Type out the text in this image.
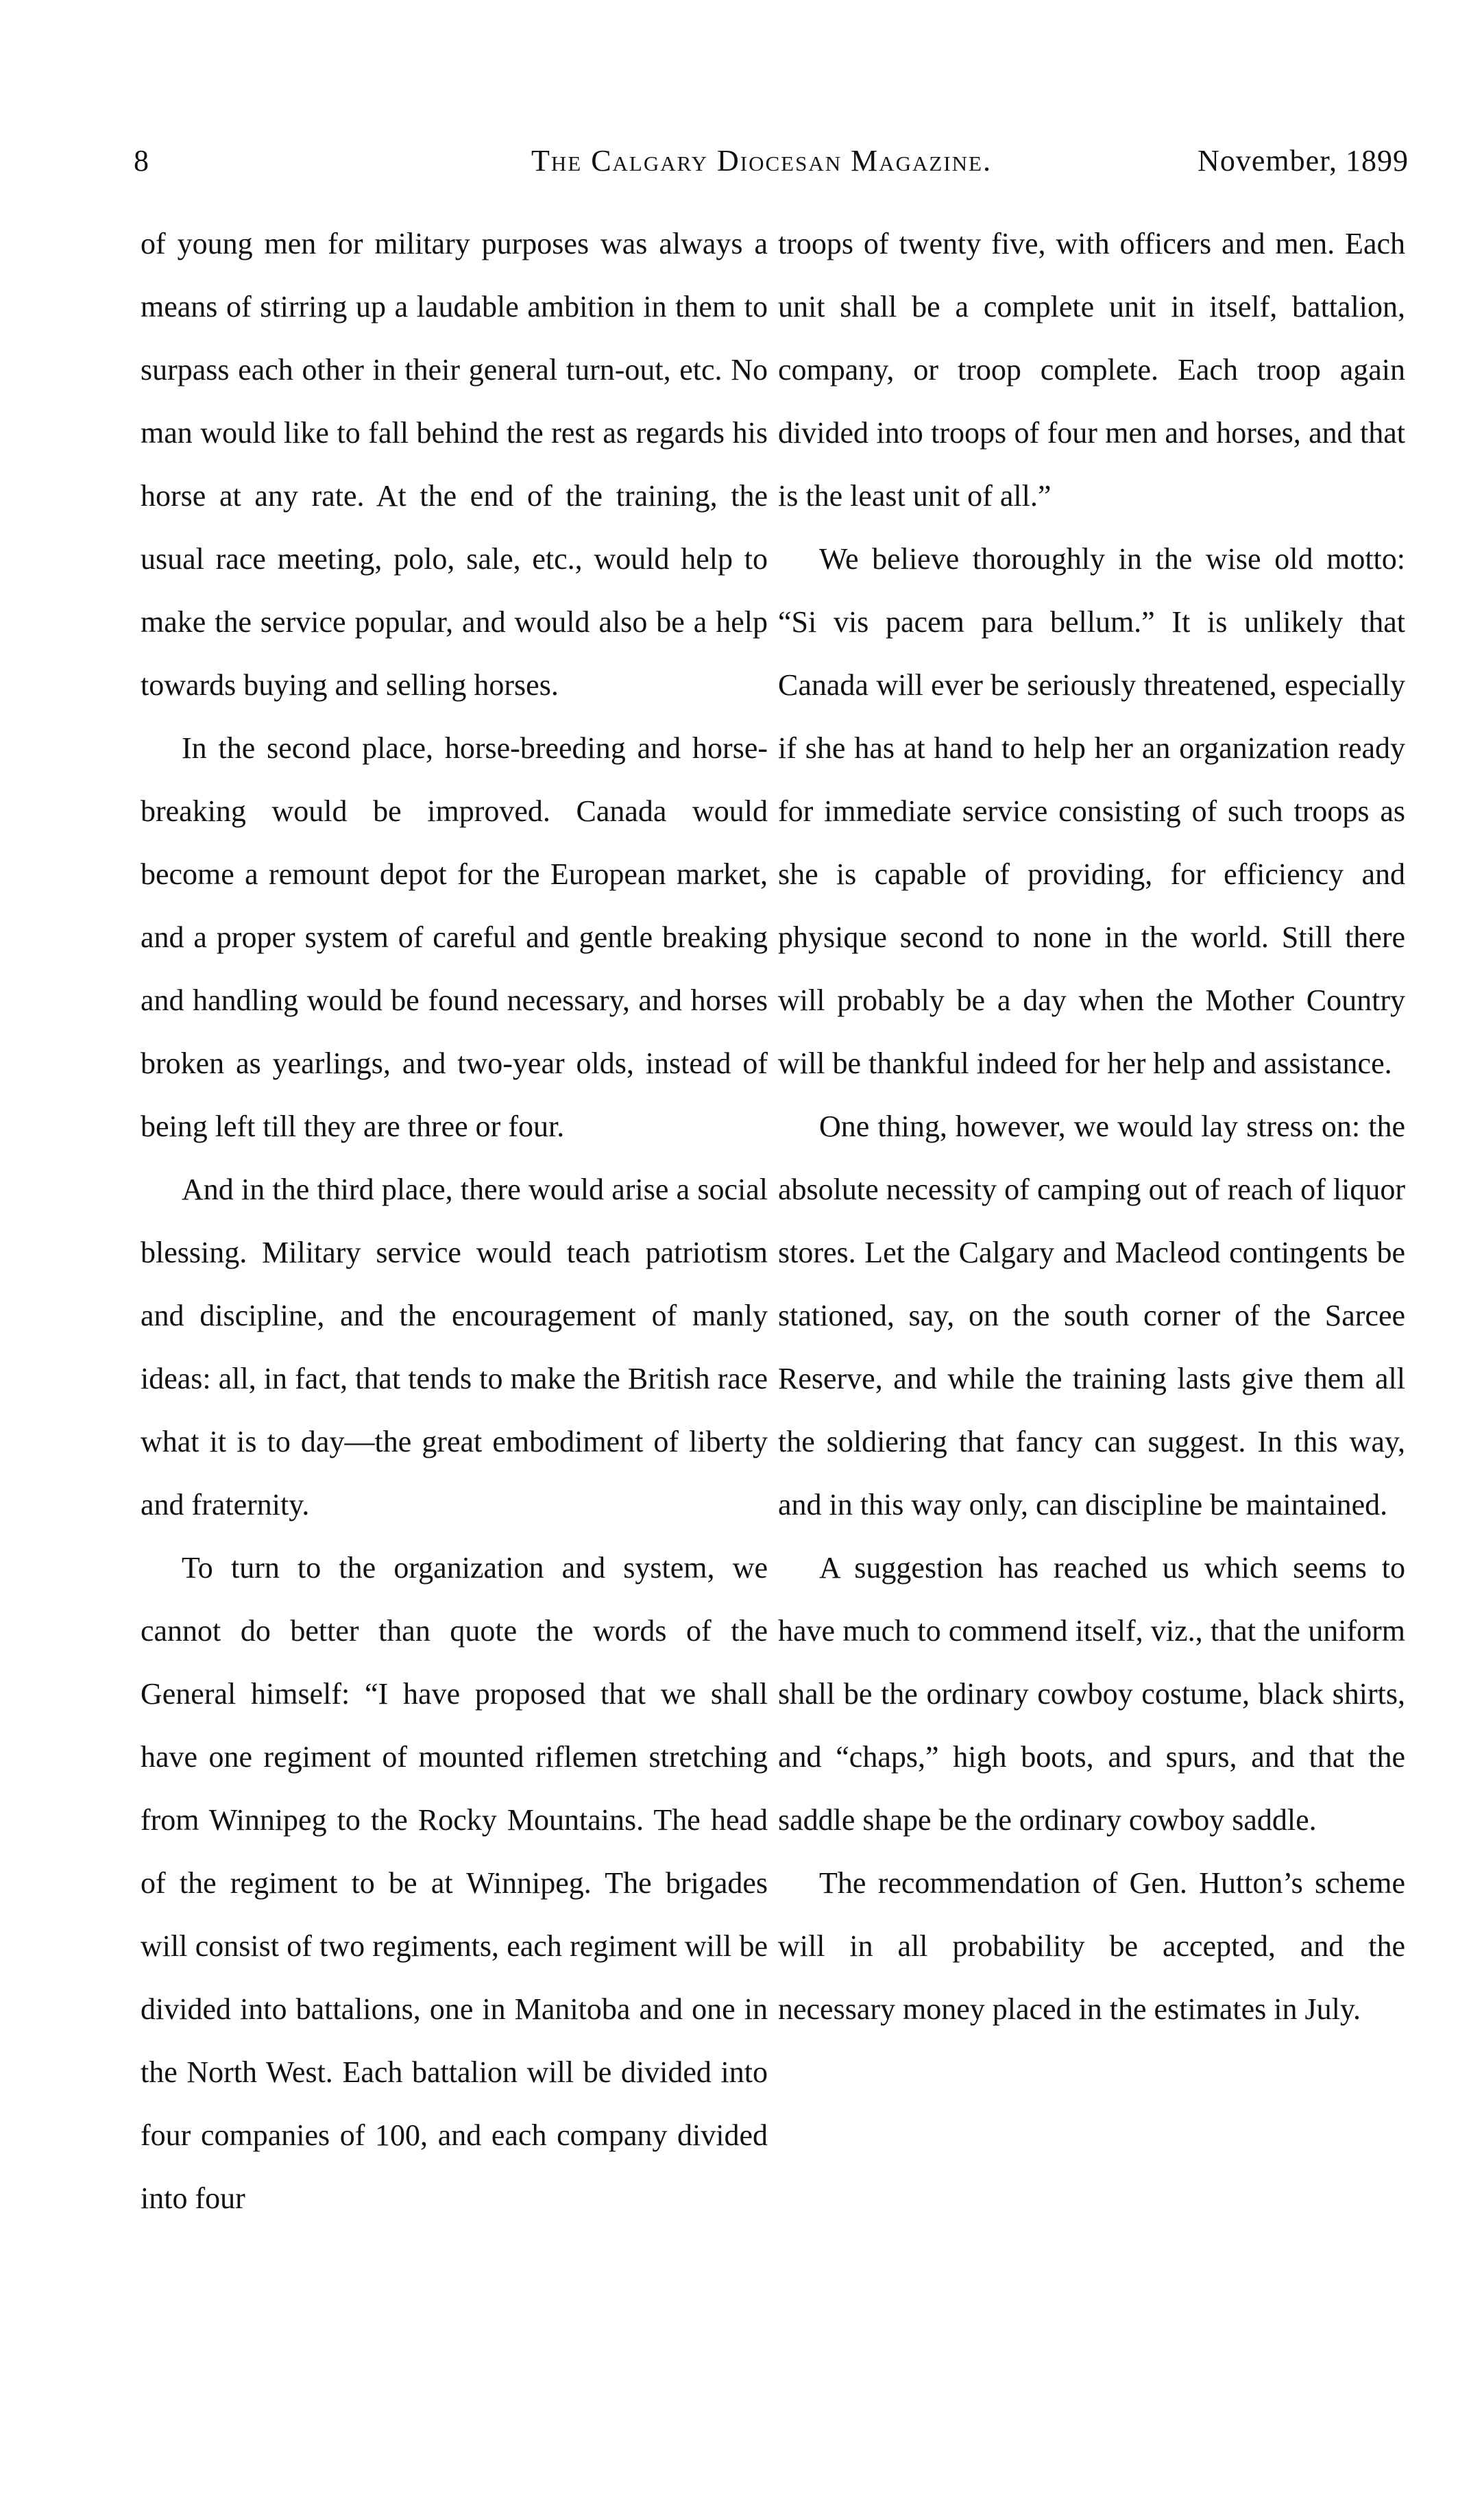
8	The Calgary Diocesan Magazine.	November, 1899

of young men for military purposes was always a means of stirring up a laudable ambition in them to surpass each other in their general turn-out, etc. No man would like to fall behind the rest as regards his horse at any rate. At the end of the training, the usual race meeting, polo, sale, etc., would help to make the service popular, and would also be a help towards buying and selling horses.

In the second place, horse-breeding and horse-breaking would be improved. Canada would become a remount depot for the European market, and a proper system of careful and gentle breaking and handling would be found necessary, and horses broken as yearlings, and two-year olds, instead of being left till they are three or four.

And in the third place, there would arise a social blessing. Military service would teach patriotism and discipline, and the encouragement of manly ideas: all, in fact, that tends to make the British race what it is to day—the great embodiment of liberty and fraternity.

To turn to the organization and system, we cannot do better than quote the words of the General himself: “I have proposed that we shall have one regiment of mounted riflemen stretching from Winnipeg to the Rocky Mountains. The head of the regiment to be at Winnipeg. The brigades will consist of two regiments, each regiment will be divided into battalions, one in Manitoba and one in the North West. Each battalion will be divided into four companies of 100, and each company divided into four

troops of twenty five, with officers and men. Each unit shall be a complete unit in itself, battalion, company, or troop complete. Each troop again divided into troops of four men and horses, and that is the least unit of all.”

We believe thoroughly in the wise old motto: “Si vis pacem para bellum.” It is unlikely that Canada will ever be seriously threatened, especially if she has at hand to help her an organization ready for immediate service consisting of such troops as she is capable of providing, for efficiency and physique second to none in the world. Still there will probably be a day when the Mother Country will be thankful indeed for her help and assistance.

One thing, however, we would lay stress on: the absolute necessity of camping out of reach of liquor stores. Let the Calgary and Macleod contingents be stationed, say, on the south corner of the Sarcee Reserve, and while the training lasts give them all the soldiering that fancy can suggest. In this way, and in this way only, can discipline be maintained.

A suggestion has reached us which seems to have much to commend itself, viz., that the uniform shall be the ordinary cowboy costume, black shirts, and “chaps,” high boots, and spurs, and that the saddle shape be the ordinary cowboy saddle.

The recommendation of Gen. Hutton’s scheme will in all probability be accepted, and the necessary money placed in the estimates in July.
